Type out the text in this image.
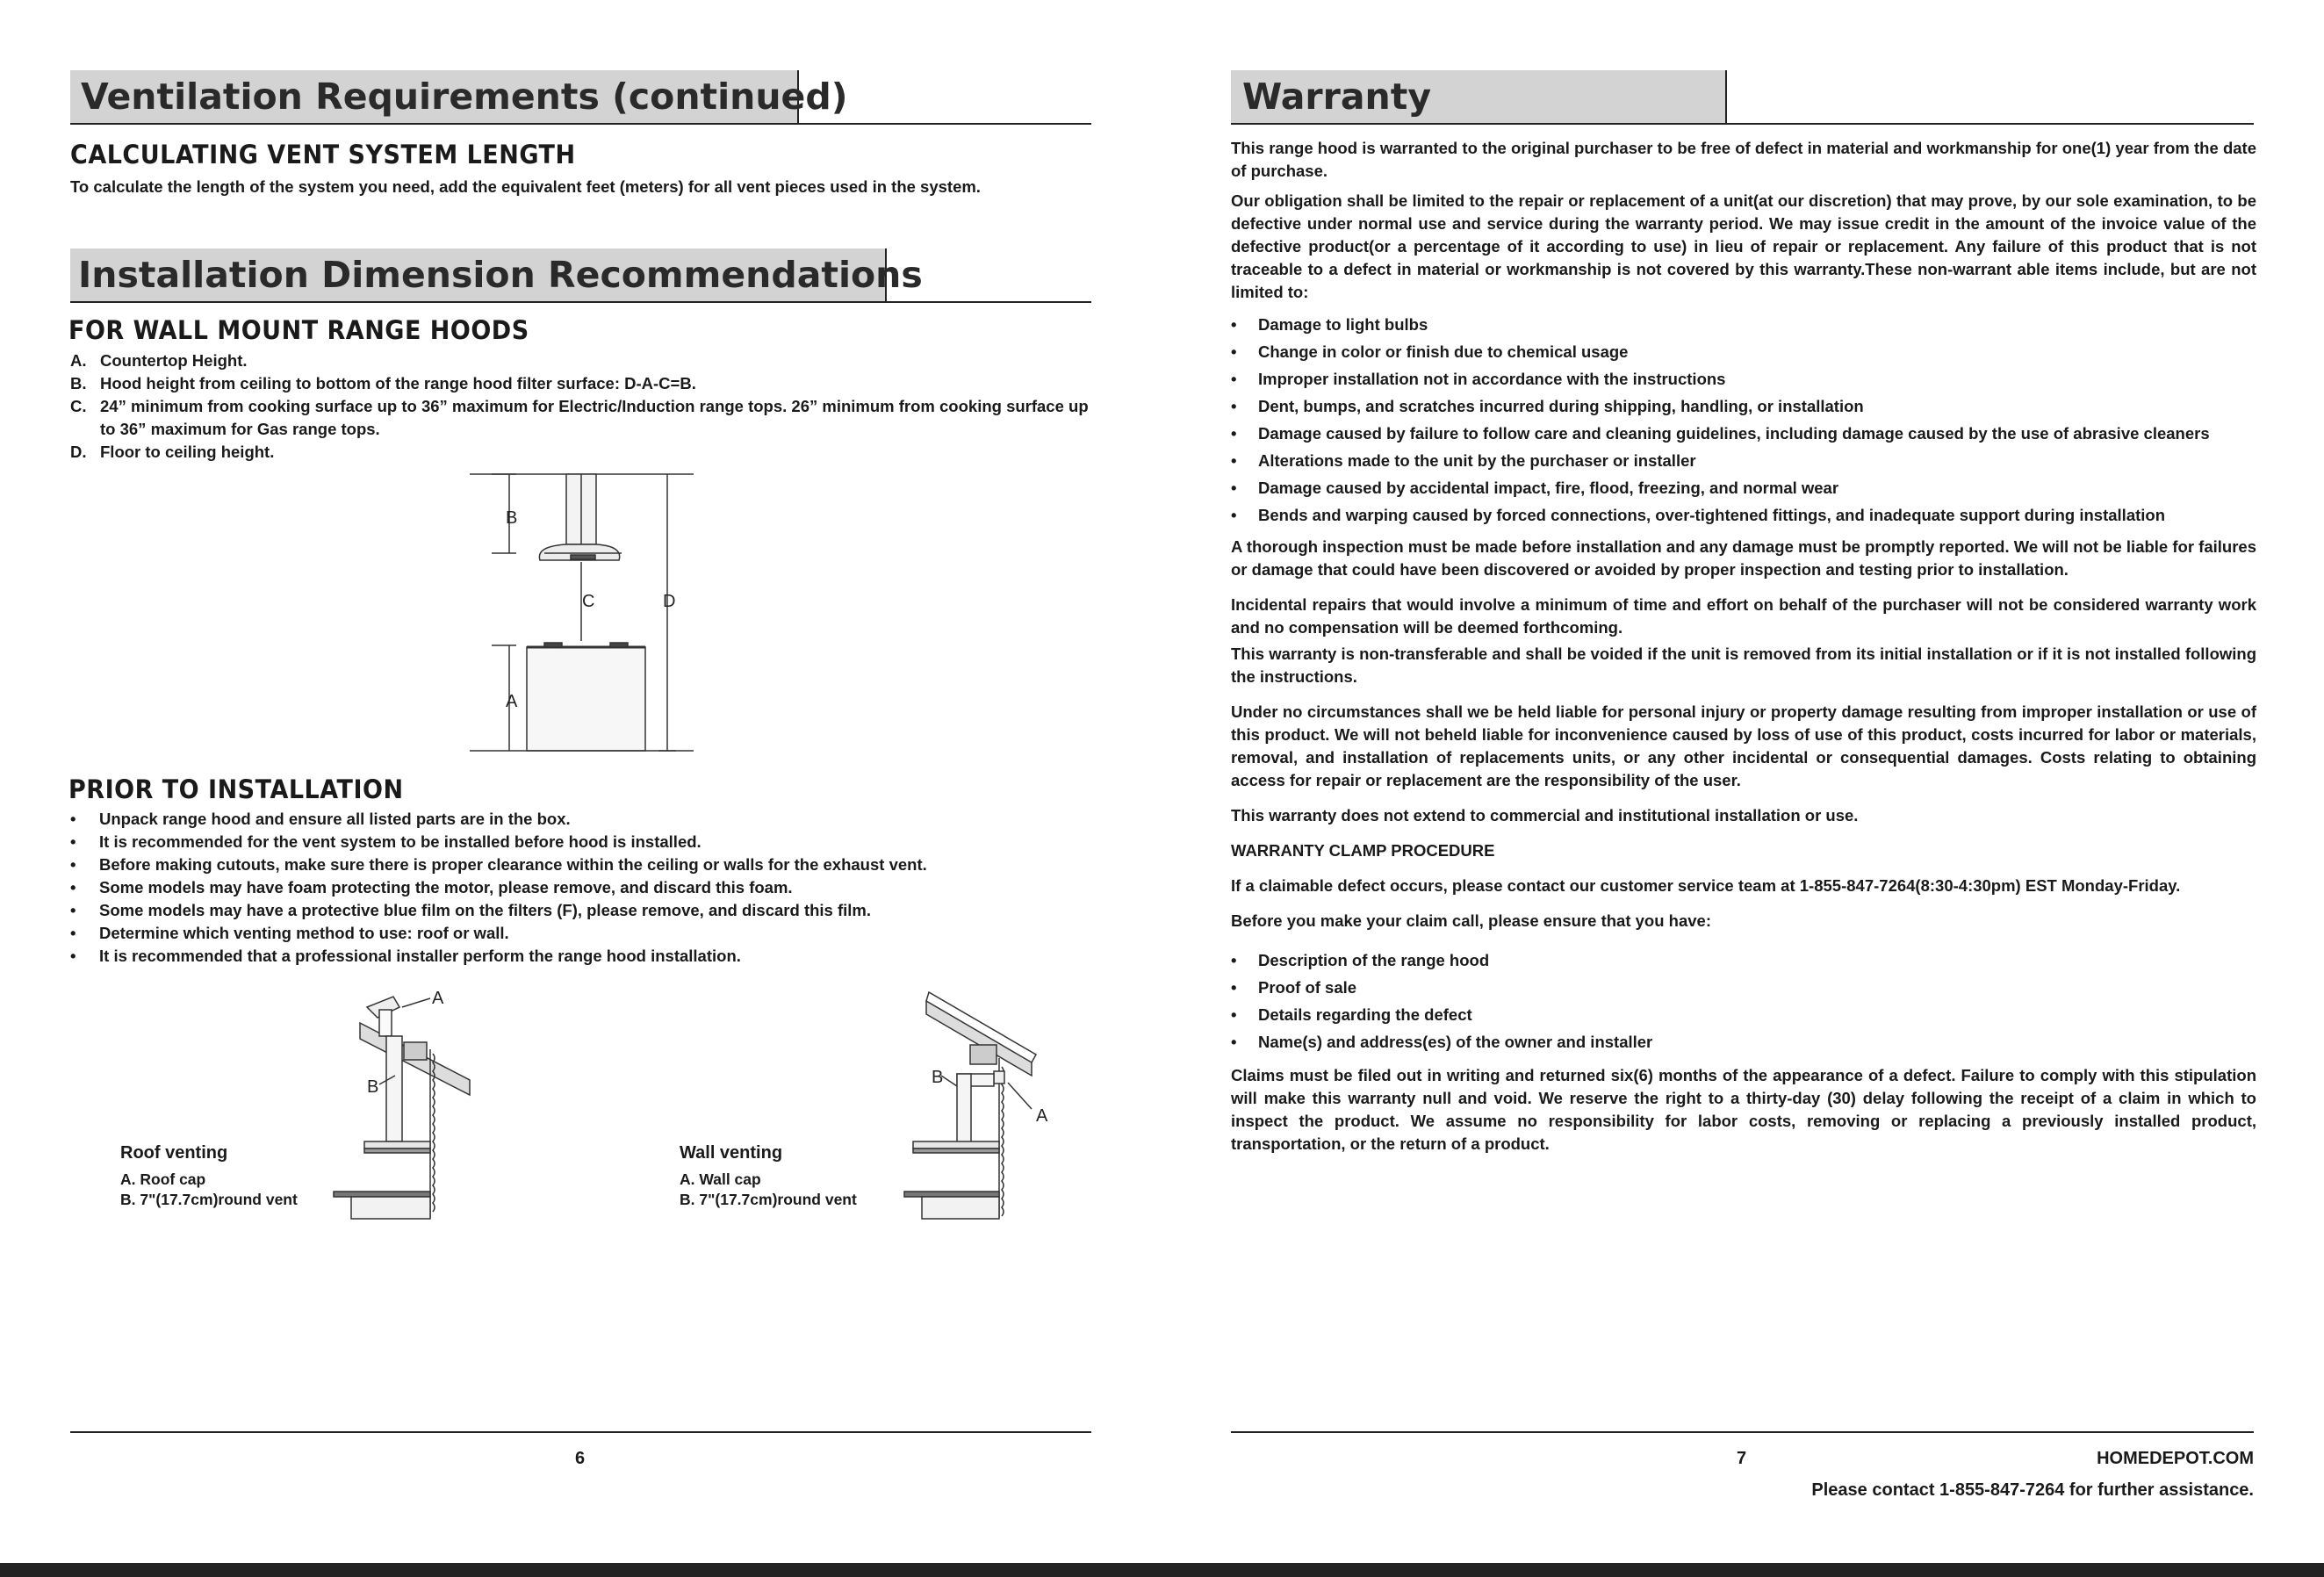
Ventilation Requirements (continued)
CALCULATING VENT SYSTEM LENGTH
To calculate the length of the system you need, add the equivalent feet (meters) for all vent pieces used in the system.
Installation Dimension Recommendations
FOR WALL MOUNT RANGE HOODS
A. Countertop Height.
B. Hood height from ceiling to bottom of the range hood filter surface: D-A-C=B.
C. 24” minimum from cooking surface up to 36” maximum for Electric/Induction range tops. 26” minimum from cooking surface up to 36” maximum for Gas range tops.
D. Floor to ceiling height.
B
C	D
A
PRIOR TO INSTALLATION
• Unpack range hood and ensure all listed parts are in the box.
• It is recommended for the vent system to be installed before hood is installed.
• Before making cutouts, make sure there is proper clearance within the ceiling or walls for the exhaust vent.
• Some models may have foam protecting the motor, please remove, and discard this foam.
• Some models may have a protective blue film on the filters (F), please remove, and discard this film.
• Determine which venting method to use: roof or wall.
• It is recommended that a professional installer perform the range hood installation.
Roof venting
A. Roof cap
B. 7"(17.7cm)round vent
A
B
Wall venting
A. Wall cap
B. 7"(17.7cm)round vent
A
B
6
Warranty

This range hood is warranted to the original purchaser to be free of defect in material and workmanship for one(1) year from the date of purchase.

Our obligation shall be limited to the repair or replacement of a unit(at our discretion) that may prove, by our sole examination, to be defective under normal use and service during the warranty period. We may issue credit in the amount of the invoice value of the defective product(or a percentage of it according to use) in lieu of repair or replacement. Any failure of this product that is not traceable to a defect in material or workmanship is not covered by this warranty.These non-warrant able items include, but are not limited to:

• Damage to light bulbs
• Change in color or finish due to chemical usage
• Improper installation not in accordance with the instructions
• Dent, bumps, and scratches incurred during shipping, handling, or installation
• Damage caused by failure to follow care and cleaning guidelines, including damage caused by the use of abrasive cleaners
• Alterations made to the unit by the purchaser or installer
• Damage caused by accidental impact, fire, flood, freezing, and normal wear
• Bends and warping caused by forced connections, over-tightened fittings, and inadequate support during installation

A thorough inspection must be made before installation and any damage must be promptly reported. We will not be liable for failures or damage that could have been discovered or avoided by proper inspection and testing prior to installation.

Incidental repairs that would involve a minimum of time and effort on behalf of the purchaser will not be considered warranty work and no compensation will be deemed forthcoming.

This warranty is non-transferable and shall be voided if the unit is removed from its initial installation or if it is not installed following the instructions.

Under no circumstances shall we be held liable for personal injury or property damage resulting from improper installation or use of this product. We will not beheld liable for inconvenience caused by loss of use of this product, costs incurred for labor or materials, removal, and installation of replacements units, or any other incidental or consequential damages. Costs relating to obtaining access for repair or replacement are the responsibility of the user.

This warranty does not extend to commercial and institutional installation or use.

WARRANTY CLAMP PROCEDURE

If a claimable defect occurs, please contact our customer service team at 1-855-847-7264(8:30-4:30pm) EST Monday-Friday.

Before you make your claim call, please ensure that you have:

• Description of the range hood
• Proof of sale
• Details regarding the defect
• Name(s) and address(es) of the owner and installer

Claims must be filed out in writing and returned six(6) months of the appearance of a defect. Failure to comply with this stipulation will make this warranty null and void. We reserve the right to a thirty-day (30) delay following the receipt of a claim in which to inspect the product. We assume no responsibility for labor costs, removing or replacing a previously installed product, transportation, or the return of a product.

7	HOMEDEPOT.COM
Please contact 1-855-847-7264 for further assistance.
